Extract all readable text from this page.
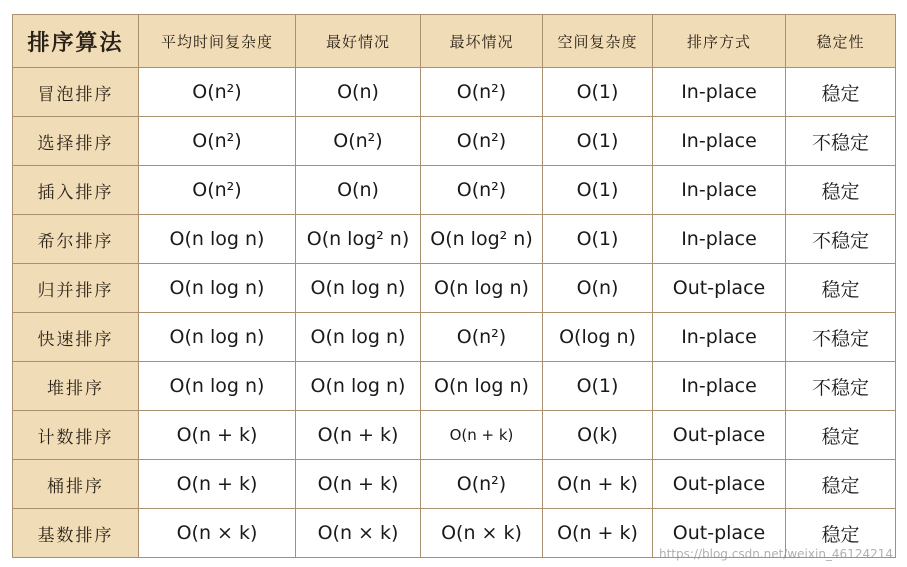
排序算法	平均时间复杂度	最好情况	最坏情况	空间复杂度	排序方式	稳定性
冒泡排序	O(n²)	O(n)	O(n²)	O(1)	In-place	稳定
选择排序	O(n²)	O(n²)	O(n²)	O(1)	In-place	不稳定
插入排序	O(n²)	O(n)	O(n²)	O(1)	In-place	稳定
希尔排序	O(n log n)	O(n log² n)	O(n log² n)	O(1)	In-place	不稳定
归并排序	O(n log n)	O(n log n)	O(n log n)	O(n)	Out-place	稳定
快速排序	O(n log n)	O(n log n)	O(n²)	O(log n)	In-place	不稳定
堆排序	O(n log n)	O(n log n)	O(n log n)	O(1)	In-place	不稳定
计数排序	O(n + k)	O(n + k)	O(n + k)	O(k)	Out-place	稳定
桶排序	O(n + k)	O(n + k)	O(n²)	O(n + k)	Out-place	稳定
基数排序	O(n × k)	O(n × k)	O(n × k)	O(n + k)	Out-place	稳定
https://blog.csdn.net/weixin_46124214
